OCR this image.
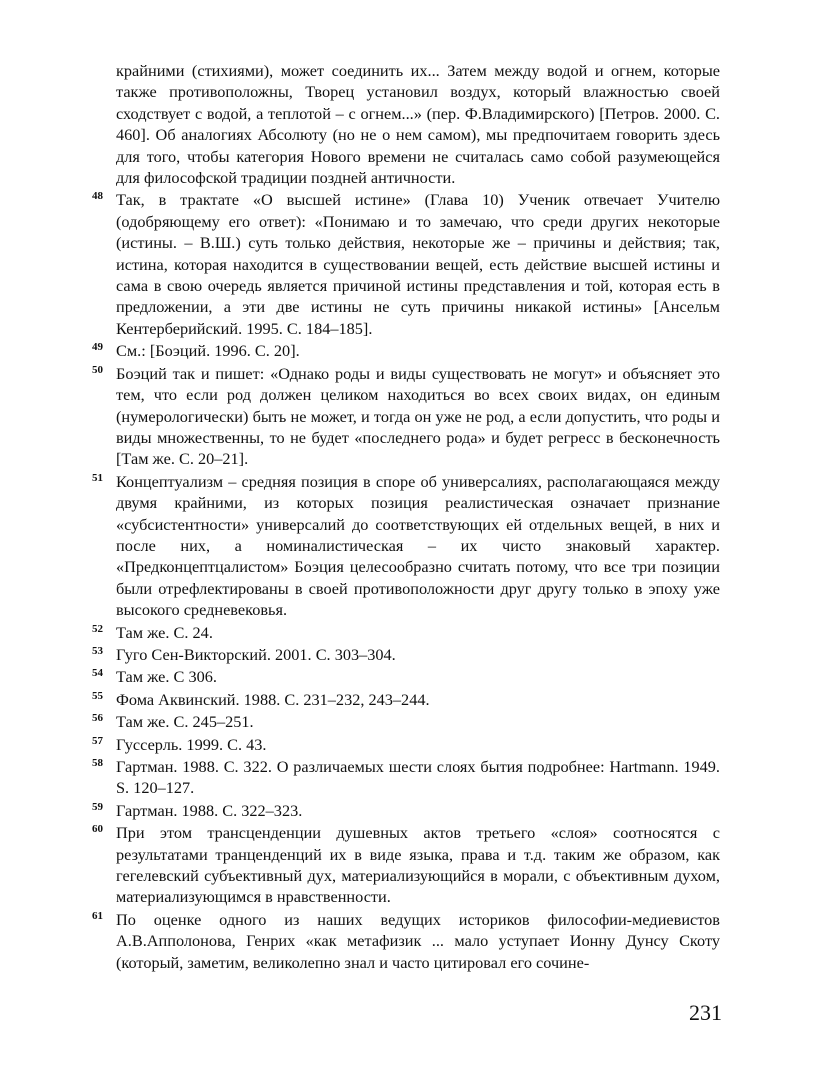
крайними (стихиями), может соединить их... Затем между водой и огнем, которые также противоположны, Творец установил воздух, который влажностью своей сходствует с водой, а теплотой – с огнем...» (пер. Ф.Владимирского) [Петров. 2000. С. 460]. Об аналогиях Абсолюту (но не о нем самом), мы предпочитаем говорить здесь для того, чтобы категория Нового времени не считалась само собой разумеющейся для философской традиции поздней античности.

48 Так, в трактате «О высшей истине» (Глава 10) Ученик отвечает Учителю (одобряющему его ответ): «Понимаю и то замечаю, что среди других некоторые (истины. – В.Ш.) суть только действия, некоторые же – причины и действия; так, истина, которая находится в существовании вещей, есть действие высшей истины и сама в свою очередь является причиной истины представления и той, которая есть в предложении, а эти две истины не суть причины никакой истины» [Ансельм Кентерберийский. 1995. С. 184–185].

49 См.: [Боэций. 1996. С. 20].

50 Боэций так и пишет: «Однако роды и виды существовать не могут» и объясняет это тем, что если род должен целиком находиться во всех своих видах, он единым (нумерологически) быть не может, и тогда он уже не род, а если допустить, что роды и виды множественны, то не будет «последнего рода» и будет регресс в бесконечность [Там же. С. 20–21].

51 Концептуализм – средняя позиция в споре об универсалиях, располагающаяся между двумя крайними, из которых позиция реалистическая означает признание «субсистентности» универсалий до соответствующих ей отдельных вещей, в них и после них, а номиналистическая – их чисто знаковый характер. «Предконцептцалистом» Боэция целесообразно считать потому, что все три позиции были отрефлектированы в своей противоположности друг другу только в эпоху уже высокого средневековья.

52 Там же. С. 24.

53 Гуго Сен-Викторский. 2001. С. 303–304.

54 Там же. С 306.

55 Фома Аквинский. 1988. С. 231–232, 243–244.

56 Там же. С. 245–251.

57 Гуссерль. 1999. С. 43.

58 Гартман. 1988. С. 322. О различаемых шести слоях бытия подробнее: Hartmann. 1949. S. 120–127.

59 Гартман. 1988. С. 322–323.

60 При этом трансценденции душевных актов третьего «слоя» соотносятся с результатами транценденций их в виде языка, права и т.д. таким же образом, как гегелевский субъективный дух, материализующийся в морали, с объективным духом, материализующимся в нравственности.

61 По оценке одного из наших ведущих историков философии-медиевистов А.В.Апполонова, Генрих «как метафизик ... мало уступает Ионну Дунсу Скоту (который, заметим, великолепно знал и часто цитировал его сочине-

231
